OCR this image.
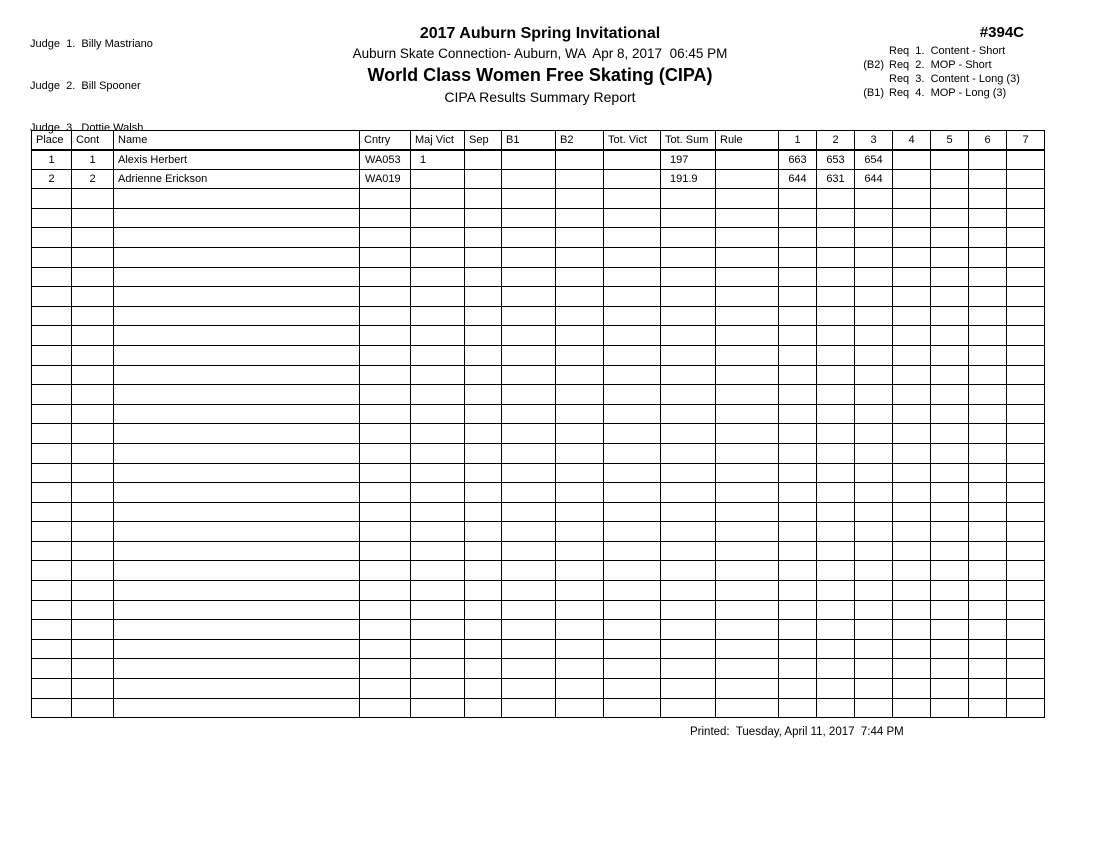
Judge  1.  Billy Mastriano

Judge  2.  Bill Spooner

Judge  3.  Dottie Walsh

2017 Auburn Spring Invitational
Auburn Skate Connection- Auburn, WA  Apr 8, 2017  06:45 PM
World Class Women Free Skating (CIPA)
CIPA Results Summary Report
#394C
Req  1.  Content - Short
(B2) Req  2.  MOP - Short
Req  3.  Content - Long (3)
(B1) Req  4.  MOP - Long (3)
Place	Cont	Name	Cntry	Maj Vict	Sep	B1	B2	Tot. Vict	Tot. Sum	Rule	1	2	3	4	5	6	7
1	1	Alexis Herbert	WA053	1					197		663	653	654				
2	2	Adrienne Erickson	WA019						191.9		644	631	644				

Printed:  Tuesday, April 11, 2017  7:44 PM
